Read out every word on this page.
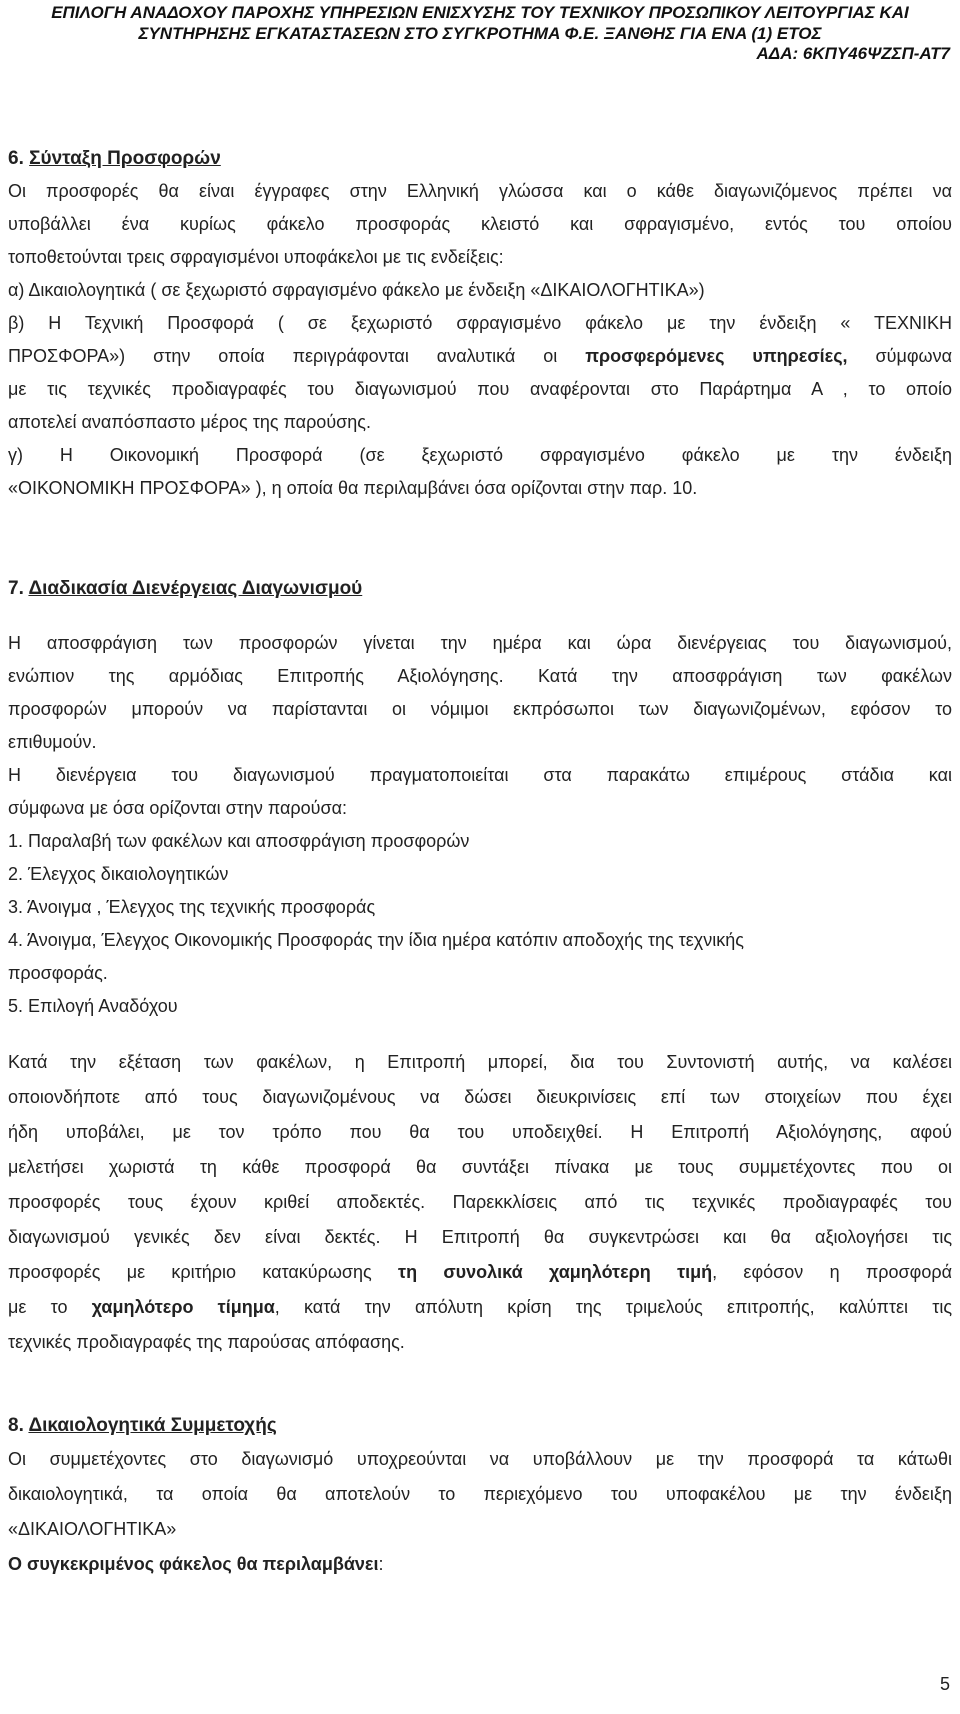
ΕΠΙΛΟΓΗ ΑΝΑΔΟΧΟΥ ΠΑΡΟΧΗΣ ΥΠΗΡΕΣΙΩΝ ΕΝΙΣΧΥΣΗΣ ΤΟΥ ΤΕΧΝΙΚΟΥ ΠΡΟΣΩΠΙΚΟΥ ΛΕΙΤΟΥΡΓΙΑΣ ΚΑΙ
ΣΥΝΤΗΡΗΣΗΣ ΕΓΚΑΤΑΣΤΑΣΕΩΝ ΣΤΟ ΣΥΓΚΡΟΤΗΜΑ Φ.Ε. ΞΑΝΘΗΣ ΓΙΑ ΕΝΑ (1) ΕΤΟΣ
ΑΔΑ: 6ΚΠΥ46ΨΖΣΠ-ΑΤ7
6. Σύνταξη Προσφορών
Οι προσφορές θα είναι έγγραφες στην Ελληνική γλώσσα και ο κάθε διαγωνιζόμενος πρέπει να
υποβάλλει ένα κυρίως φάκελο προσφοράς κλειστό και σφραγισμένο, εντός του οποίου
τοποθετούνται τρεις σφραγισμένοι υποφάκελοι με τις ενδείξεις:
α) Δικαιολογητικά ( σε ξεχωριστό σφραγισμένο φάκελο με ένδειξη «ΔΙΚΑΙΟΛΟΓΗΤΙΚΑ»)
β) Η Τεχνική Προσφορά ( σε ξεχωριστό σφραγισμένο φάκελο με την ένδειξη « ΤΕΧΝΙΚΗ
ΠΡΟΣΦΟΡΑ») στην οποία περιγράφονται αναλυτικά οι προσφερόμενες υπηρεσίες, σύμφωνα
με τις τεχνικές προδιαγραφές του διαγωνισμού που αναφέρονται στο Παράρτημα Α , το οποίο
αποτελεί αναπόσπαστο μέρος της παρούσης.
γ) Η Οικονομική Προσφορά (σε ξεχωριστό σφραγισμένο φάκελο με την ένδειξη
«ΟΙΚΟΝΟΜΙΚΗ ΠΡΟΣΦΟΡΑ» ), η οποία θα περιλαμβάνει όσα ορίζονται στην παρ. 10.
7. Διαδικασία Διενέργειας Διαγωνισμού
Η αποσφράγιση των προσφορών γίνεται την ημέρα και ώρα διενέργειας του διαγωνισμού,
ενώπιον της αρμόδιας Επιτροπής Αξιολόγησης. Κατά την αποσφράγιση των φακέλων
προσφορών μπορούν να παρίστανται οι νόμιμοι εκπρόσωποι των διαγωνιζομένων, εφόσον το
επιθυμούν.
Η διενέργεια του διαγωνισμού πραγματοποιείται στα παρακάτω επιμέρους στάδια και
σύμφωνα με όσα ορίζονται στην παρούσα:
1. Παραλαβή των φακέλων και αποσφράγιση προσφορών
2. Έλεγχος δικαιολογητικών
3. Άνοιγμα , Έλεγχος της τεχνικής προσφοράς
4. Άνοιγμα, Έλεγχος Οικονομικής Προσφοράς την ίδια ημέρα κατόπιν αποδοχής της τεχνικής
προσφοράς.
5. Επιλογή Αναδόχου
Κατά την εξέταση των φακέλων, η Επιτροπή μπορεί, δια του Συντονιστή αυτής, να καλέσει
οποιονδήποτε από τους διαγωνιζομένους να δώσει διευκρινίσεις επί των στοιχείων που έχει
ήδη υποβάλει, με τον τρόπο που θα του υποδειχθεί. Η Επιτροπή Αξιολόγησης, αφού
μελετήσει χωριστά τη κάθε προσφορά θα συντάξει πίνακα με τους συμμετέχοντες που οι
προσφορές τους έχουν κριθεί αποδεκτές. Παρεκκλίσεις από τις τεχνικές προδιαγραφές του
διαγωνισμού γενικές δεν είναι δεκτές. Η Επιτροπή θα συγκεντρώσει και θα αξιολογήσει τις
προσφορές με κριτήριο κατακύρωσης τη συνολικά χαμηλότερη τιμή, εφόσον η προσφορά
με το χαμηλότερο τίμημα, κατά την απόλυτη κρίση της τριμελούς επιτροπής, καλύπτει τις
τεχνικές προδιαγραφές της παρούσας απόφασης.
8. Δικαιολογητικά Συμμετοχής
Οι συμμετέχοντες στο διαγωνισμό υποχρεούνται να υποβάλλουν με την προσφορά τα κάτωθι
δικαιολογητικά, τα οποία θα αποτελούν το περιεχόμενο του υποφακέλου με την ένδειξη
«ΔΙΚΑΙΟΛΟΓΗΤΙΚΑ»
Ο συγκεκριμένος φάκελος θα περιλαμβάνει:
5
